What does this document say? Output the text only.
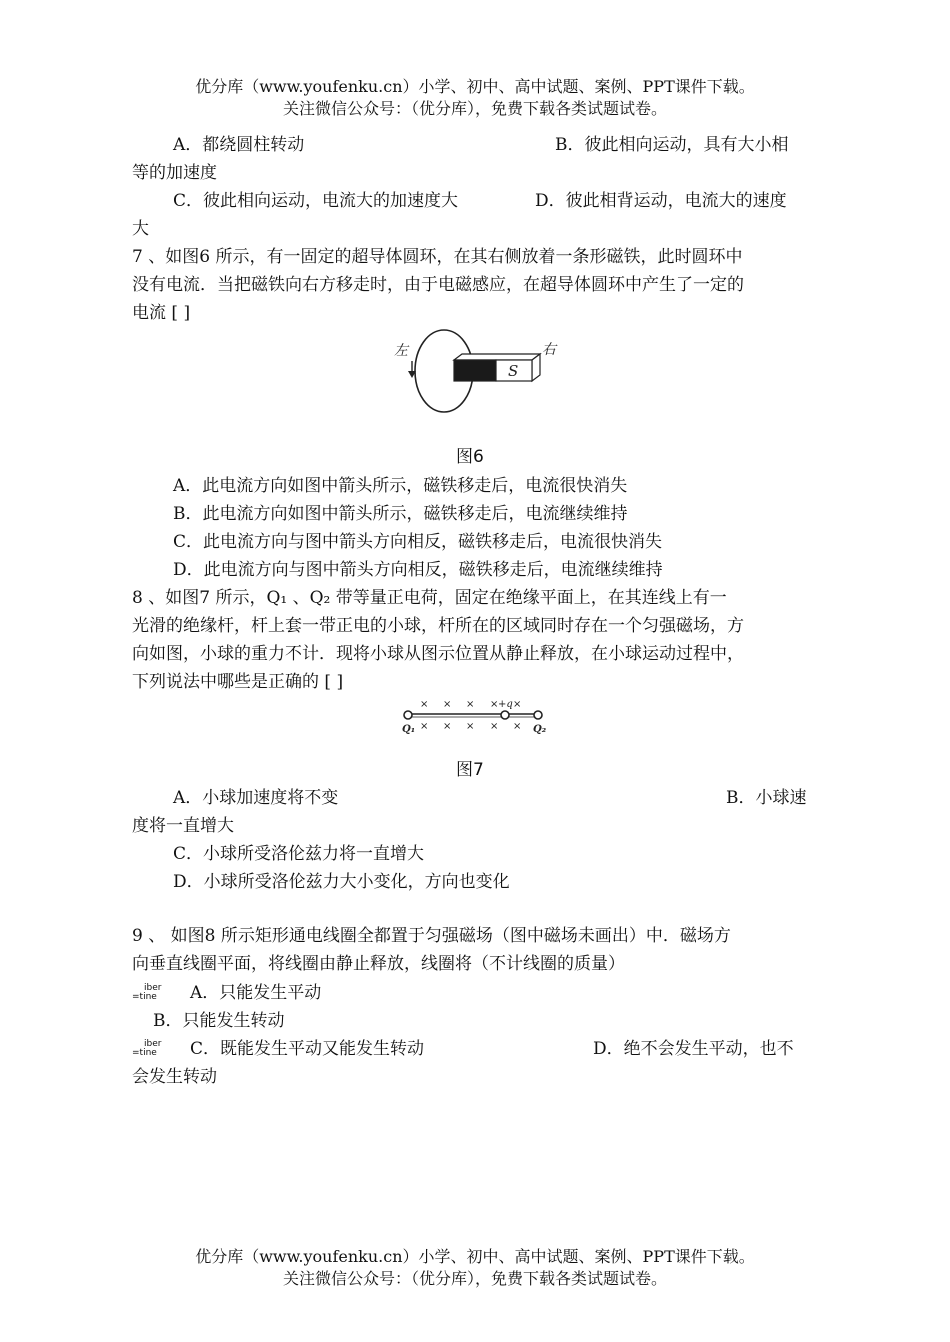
优分库（www.youfenku.cn）小学、初中、高中试题、案例、PPT课件下载。
关注微信公众号：（优分库），免费下载各类试题试卷。
A．都绕圆柱转动	B．彼此相向运动，具有大小相
等的加速度
C．彼此相向运动，电流大的加速度大	D．彼此相背运动，电流大的速度
大
7 、如图6 所示，有一固定的超导体圆环，在其右侧放着一条形磁铁，此时圆环中
没有电流．当把磁铁向右方移走时，由于电磁感应，在超导体圆环中产生了一定的
电流 [ ]
左	右
S
图6
A．此电流方向如图中箭头所示，磁铁移走后，电流很快消失
B．此电流方向如图中箭头所示，磁铁移走后，电流继续维持
C．此电流方向与图中箭头方向相反，磁铁移走后，电流很快消失
D．此电流方向与图中箭头方向相反，磁铁移走后，电流继续维持
8 、如图7 所示，Q₁ 、Q₂ 带等量正电荷，固定在绝缘平面上，在其连线上有一
光滑的绝缘杆，杆上套一带正电的小球，杆所在的区域同时存在一个匀强磁场，方
向如图，小球的重力不计．现将小球从图示位置从静止释放，在小球运动过程中，
下列说法中哪些是正确的 [ ]
× × × × ×
× × × × ×
+q
Q₁	Q₂
图7
A．小球加速度将不变	B．小球速
度将一直增大
C．小球所受洛伦兹力将一直增大
D．小球所受洛伦兹力大小变化，方向也变化
9 、 如图8 所示矩形通电线圈全都置于匀强磁场（图中磁场未画出）中．磁场方
向垂直线圈平面，将线圈由静止释放，线圈将（不计线圈的质量）
iber
=tine A．只能发生平动
B．只能发生转动
iber
=tine C．既能发生平动又能发生转动	D．绝不会发生平动，也不
会发生转动
优分库（www.youfenku.cn）小学、初中、高中试题、案例、PPT课件下载。
关注微信公众号：（优分库），免费下载各类试题试卷。
